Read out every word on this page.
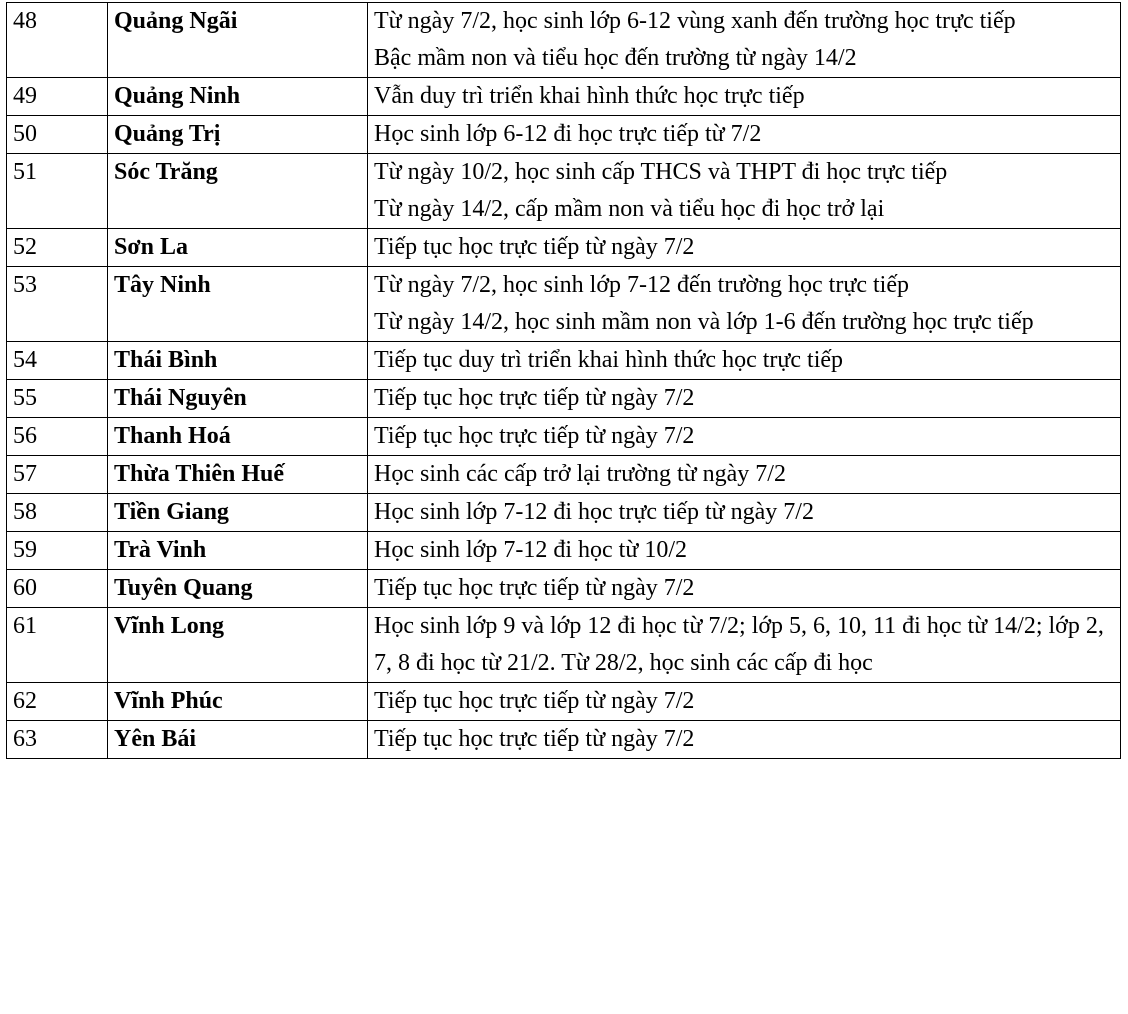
48	Quảng Ngãi	Từ ngày 7/2, học sinh lớp 6-12 vùng xanh đến trường học trực tiếp
Bậc mầm non và tiểu học đến trường từ ngày 14/2

49	Quảng Ninh	Vẫn duy trì triển khai hình thức học trực tiếp

50	Quảng Trị	Học sinh lớp 6-12 đi học trực tiếp từ 7/2

51	Sóc Trăng	Từ ngày 10/2, học sinh cấp THCS và THPT đi học trực tiếp
Từ ngày 14/2, cấp mầm non và tiểu học đi học trở lại

52	Sơn La	Tiếp tục học trực tiếp từ ngày 7/2

53	Tây Ninh	Từ ngày 7/2, học sinh lớp 7-12 đến trường học trực tiếp
Từ ngày 14/2, học sinh mầm non và lớp 1-6 đến trường học trực tiếp

54	Thái Bình	Tiếp tục duy trì triển khai hình thức học trực tiếp

55	Thái Nguyên	Tiếp tục học trực tiếp từ ngày 7/2

56	Thanh Hoá	Tiếp tục học trực tiếp từ ngày 7/2

57	Thừa Thiên Huế	Học sinh các cấp trở lại trường từ ngày 7/2

58	Tiền Giang	Học sinh lớp 7-12 đi học trực tiếp từ ngày 7/2

59	Trà Vinh	Học sinh lớp 7-12 đi học từ 10/2

60	Tuyên Quang	Tiếp tục học trực tiếp từ ngày 7/2

61	Vĩnh Long	Học sinh lớp 9 và lớp 12 đi học từ 7/2; lớp 5, 6, 10, 11 đi học từ 14/2; lớp 2, 7, 8 đi học từ 21/2. Từ 28/2, học sinh các cấp đi học

62	Vĩnh Phúc	Tiếp tục học trực tiếp từ ngày 7/2

63	Yên Bái	Tiếp tục học trực tiếp từ ngày 7/2
